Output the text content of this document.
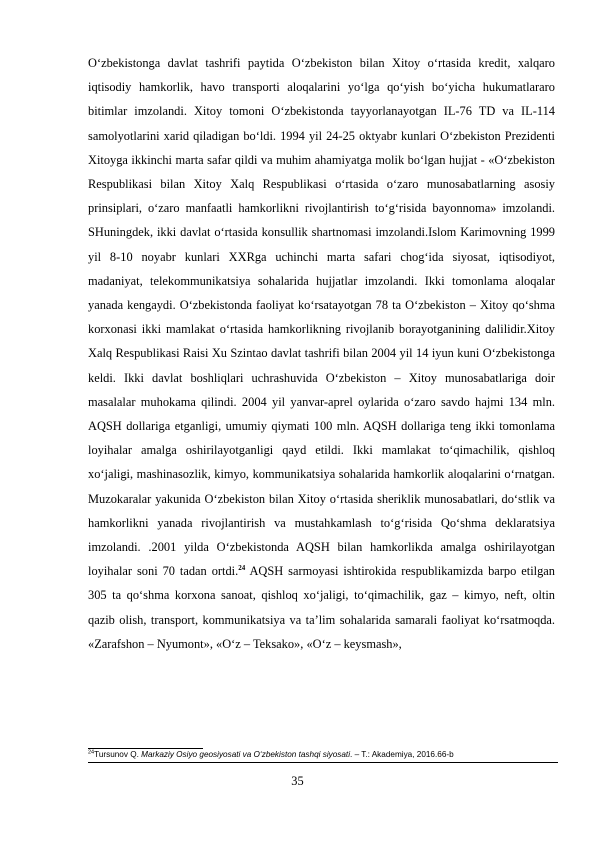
O‘zbekistonga davlat tashrifi paytida O‘zbekiston bilan Xitoy o‘rtasida kredit, xalqaro iqtisodiy hamkorlik, havo transporti aloqalarini yo‘lga qo‘yish bo‘yicha hukumatlararo bitimlar imzolandi. Xitoy tomoni O‘zbekistonda tayyorlanayotgan IL-76 TD va IL-114 samolyotlarini xarid qiladigan bo‘ldi. 1994 yil 24-25 oktyabr kunlari O‘zbekiston Prezidenti Xitoyga ikkinchi marta safar qildi va muhim ahamiyatga molik bo‘lgan hujjat - «O‘zbekiston Respublikasi bilan Xitoy Xalq Respublikasi o‘rtasida o‘zaro munosabatlarning asosiy prinsiplari, o‘zaro manfaatli hamkorlikni rivojlantirish to‘g‘risida bayonnoma» imzolandi. SHuningdek, ikki davlat o‘rtasida konsullik shartnomasi imzolandi.Islom Karimovning 1999 yil 8-10 noyabr kunlari XXRga uchinchi marta safari chog‘ida siyosat, iqtisodiyot, madaniyat, telekommunikatsiya sohalarida hujjatlar imzolandi. Ikki tomonlama aloqalar yanada kengaydi. O‘zbekistonda faoliyat ko‘rsatayotgan 78 ta O‘zbekiston – Xitoy qo‘shma korxonasi ikki mamlakat o‘rtasida hamkorlikning rivojlanib borayotganining dalilidir.Xitoy Xalq Respublikasi Raisi Xu Szintao davlat tashrifi bilan 2004 yil 14 iyun kuni O‘zbekistonga keldi. Ikki davlat boshliqlari uchrashuvida O‘zbekiston – Xitoy munosabatlariga doir masalalar muhokama qilindi. 2004 yil yanvar-aprel oylarida o‘zaro savdo hajmi 134 mln. AQSH dollariga etganligi, umumiy qiymati 100 mln. AQSH dollariga teng ikki tomonlama loyihalar amalga oshirilayotganligi qayd etildi. Ikki mamlakat to‘qimachilik, qishloq xo‘jaligi, mashinasozlik, kimyo, kommunikatsiya sohalarida hamkorlik aloqalarini o‘rnatgan. Muzokaralar yakunida O‘zbekiston bilan Xitoy o‘rtasida sheriklik munosabatlari, do‘stlik va hamkorlikni yanada rivojlantirish va mustahkamlash to‘g‘risida Qo‘shma deklaratsiya imzolandi. .2001 yilda O‘zbekistonda AQSH bilan hamkorlikda amalga oshirilayotgan loyihalar soni 70 tadan ortdi.$^{24}$ AQSH sarmoyasi ishtirokida respublikamizda barpo etilgan 305 ta qo‘shma korxona sanoat, qishloq xo‘jaligi, to‘qimachilik, gaz – kimyo, neft, oltin qazib olish, transport, kommunikatsiya va ta’lim sohalarida samarali faoliyat ko‘rsatmoqda. «Zarafshon – Nyumont», «O‘z – Teksako», «O‘z – keysmash»,

$^{24}$Tursunov Q. Markaziy Osiyo geosiyosati va O‘zbekiston tashqi siyosati. – T.: Akademiya, 2016.66-b

35
